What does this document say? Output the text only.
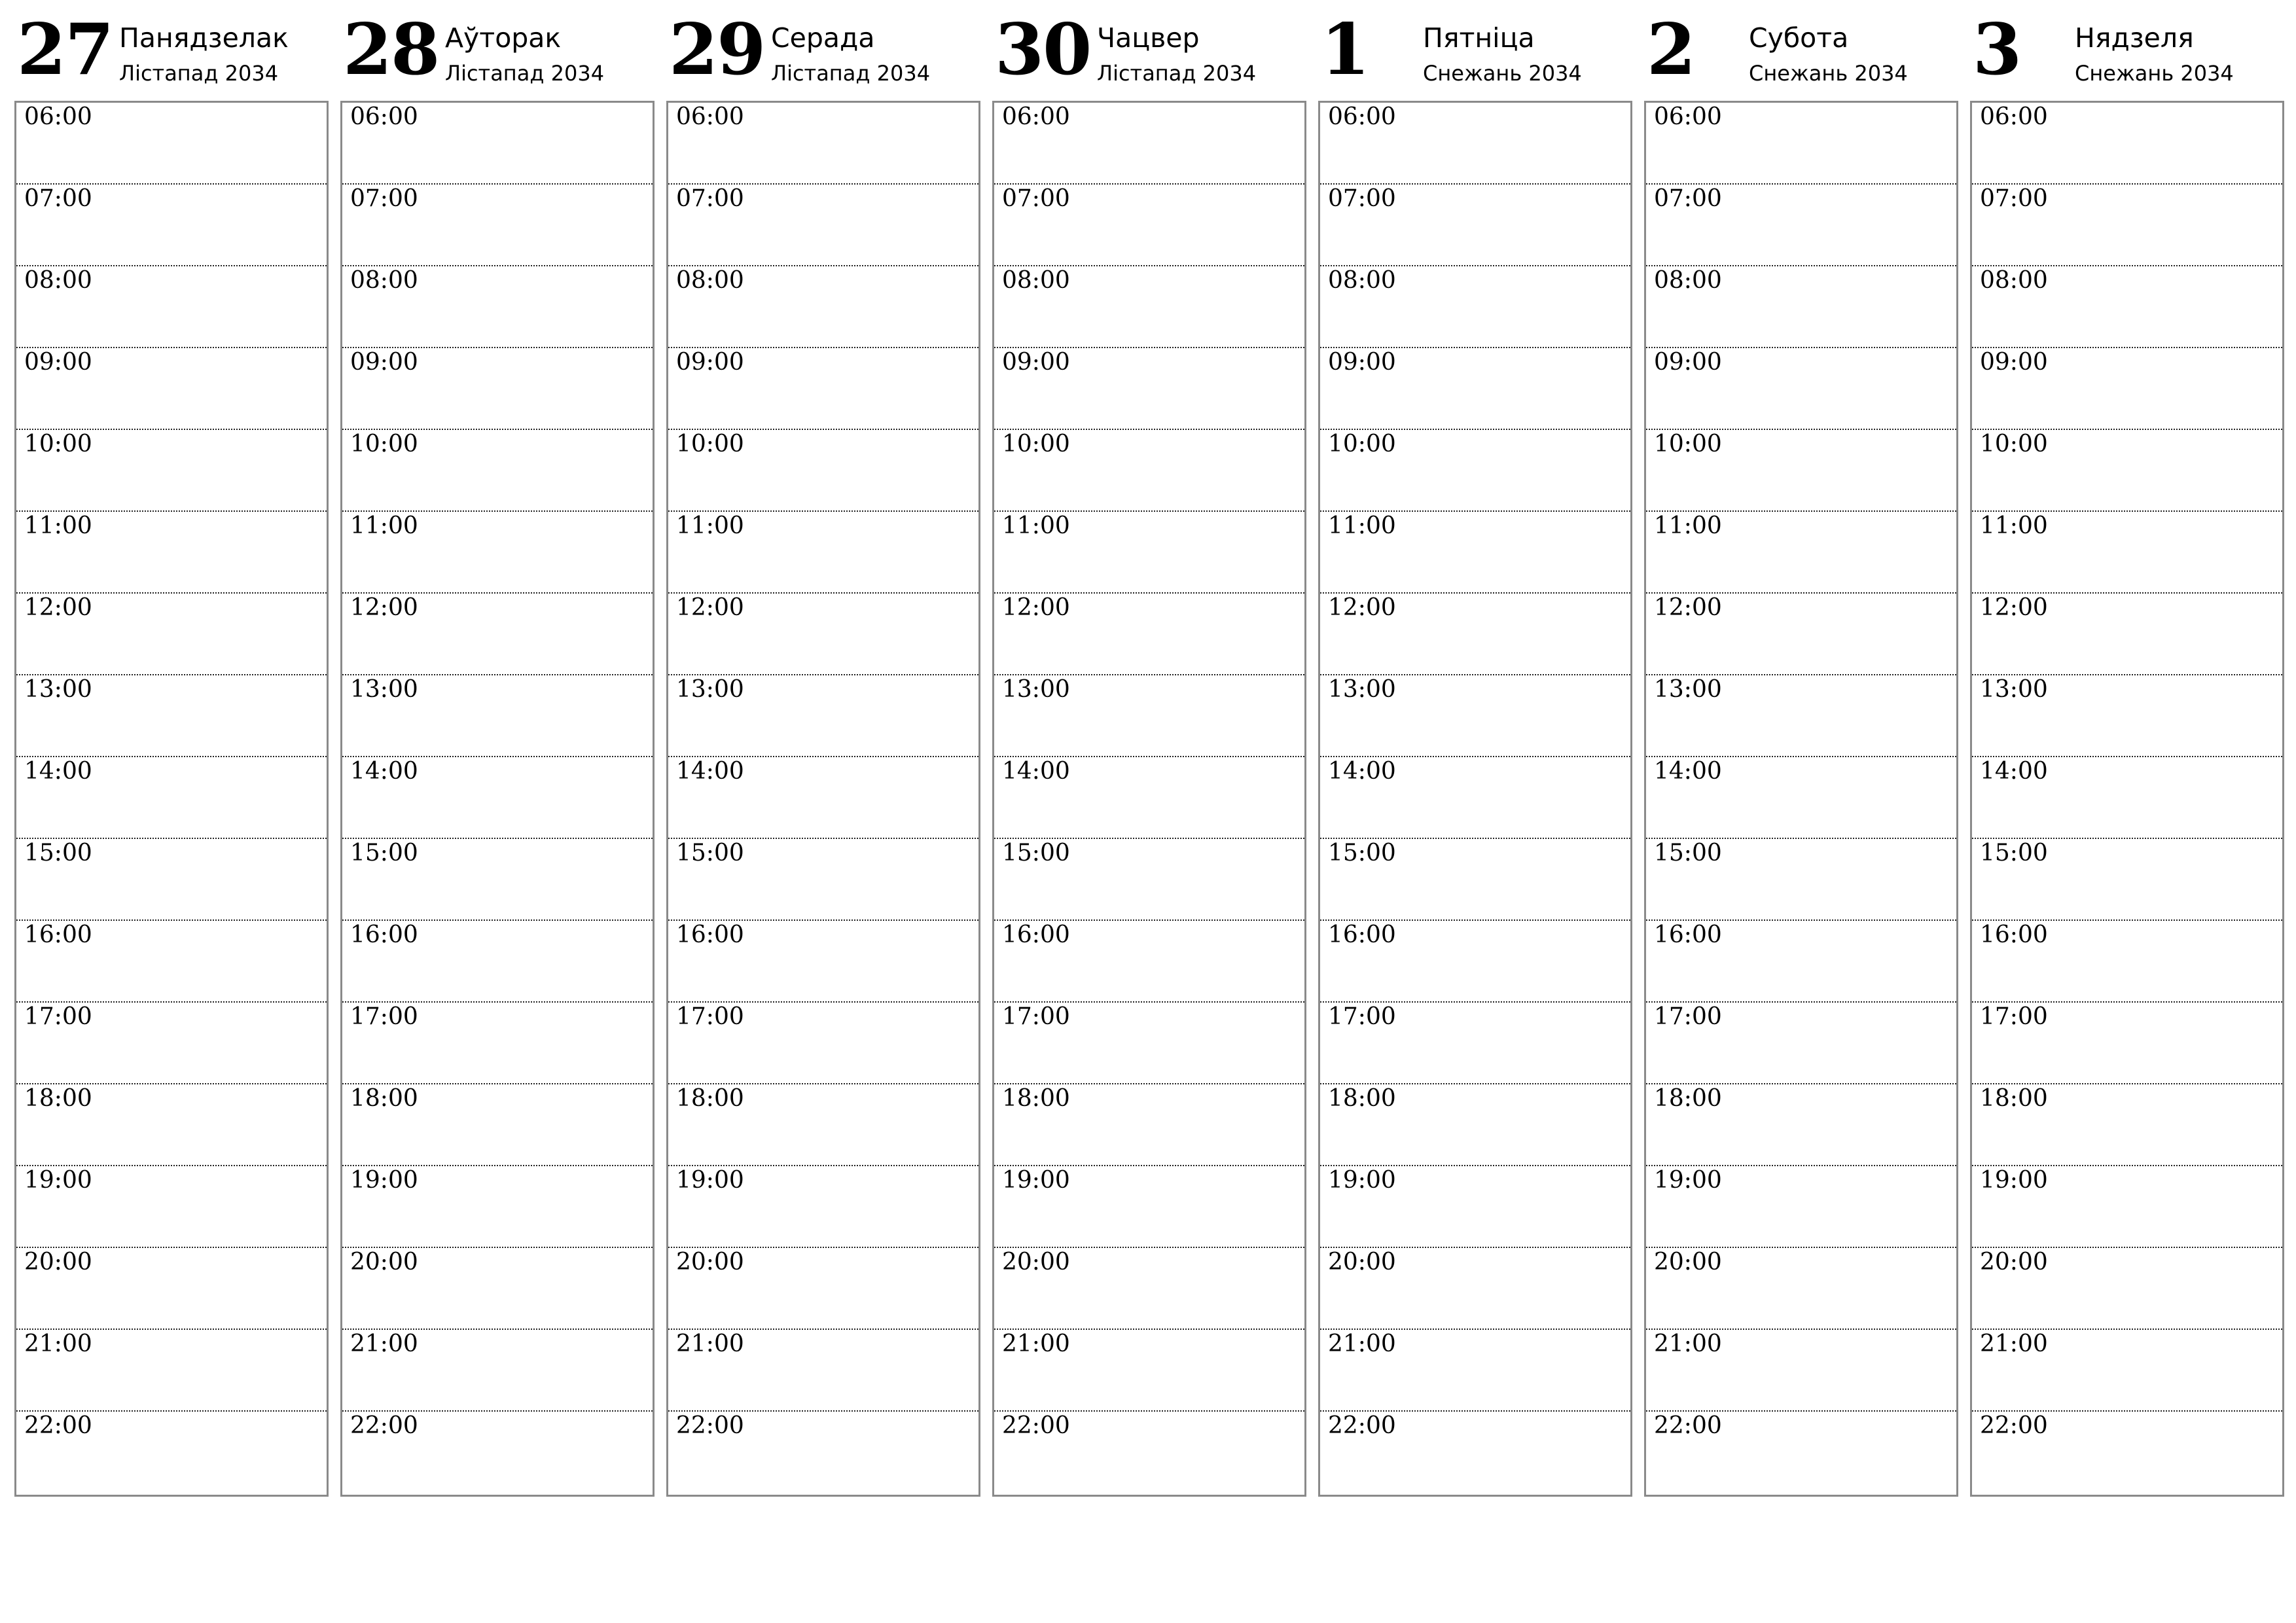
27 Панядзелак
Лістапад 2034
06:00
07:00
08:00
09:00
10:00
11:00
12:00
13:00
14:00
15:00
16:00
17:00
18:00
19:00
20:00
21:00
22:00
28 Аўторак
Лістапад 2034
06:00
07:00
08:00
09:00
10:00
11:00
12:00
13:00
14:00
15:00
16:00
17:00
18:00
19:00
20:00
21:00
22:00
29 Серада
Лістапад 2034
06:00
07:00
08:00
09:00
10:00
11:00
12:00
13:00
14:00
15:00
16:00
17:00
18:00
19:00
20:00
21:00
22:00
30 Чацвер
Лістапад 2034
06:00
07:00
08:00
09:00
10:00
11:00
12:00
13:00
14:00
15:00
16:00
17:00
18:00
19:00
20:00
21:00
22:00
1 Пятніца
Снежань 2034
06:00
07:00
08:00
09:00
10:00
11:00
12:00
13:00
14:00
15:00
16:00
17:00
18:00
19:00
20:00
21:00
22:00
2 Субота
Снежань 2034
06:00
07:00
08:00
09:00
10:00
11:00
12:00
13:00
14:00
15:00
16:00
17:00
18:00
19:00
20:00
21:00
22:00
3 Нядзеля
Снежань 2034
06:00
07:00
08:00
09:00
10:00
11:00
12:00
13:00
14:00
15:00
16:00
17:00
18:00
19:00
20:00
21:00
22:00
